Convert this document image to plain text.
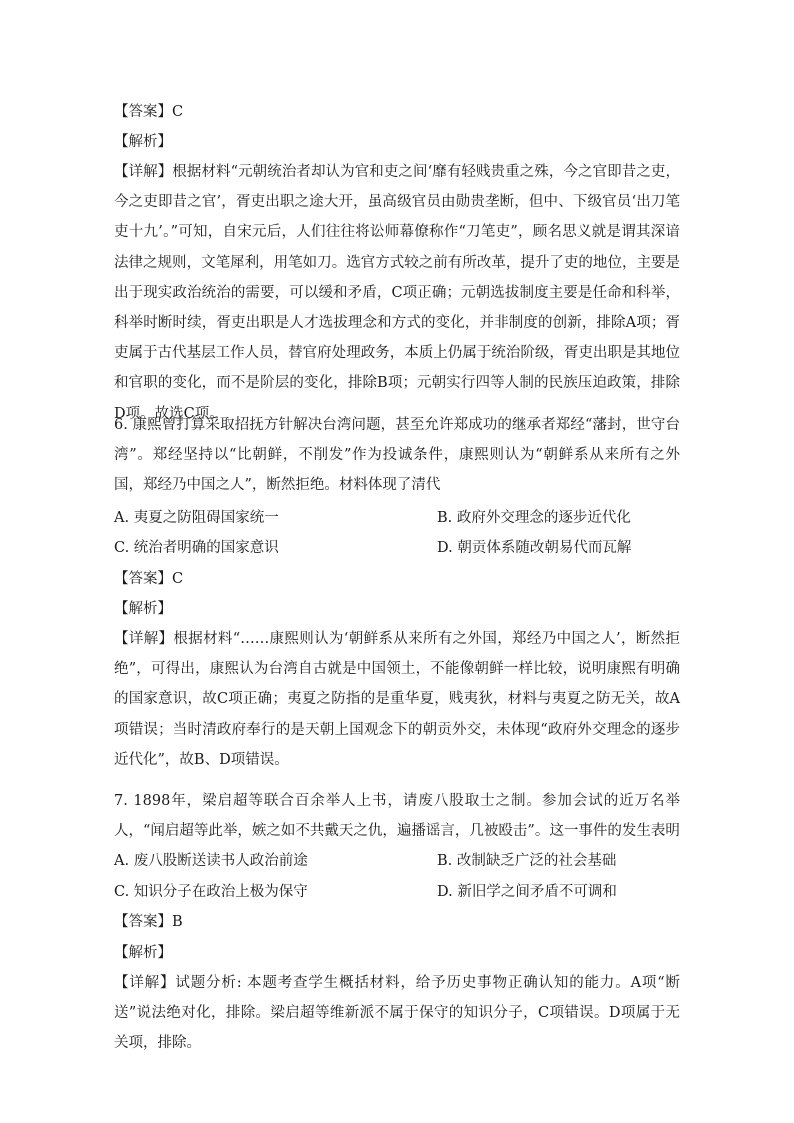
【答案】C
【解析】
【详解】根据材料“元朝统治者却认为官和吏之间‘靡有轻贱贵重之殊，今之官即昔之吏，今之吏即昔之官’，胥吏出职之途大开，虽高级官员由勋贵垄断，但中、下级官员‘出刀笔吏十九’。”可知，自宋元后，人们往往将讼师幕僚称作“刀笔吏”，顾名思义就是谓其深谙法律之规则，文笔犀利，用笔如刀。选官方式较之前有所改革，提升了吏的地位，主要是出于现实政治统治的需要，可以缓和矛盾，C项正确；元朝选拔制度主要是任命和科举，科举时断时续，胥吏出职是人才选拔理念和方式的变化，并非制度的创新，排除A项；胥吏属于古代基层工作人员，替官府处理政务，本质上仍属于统治阶级，胥吏出职是其地位和官职的变化，而不是阶层的变化，排除B项；元朝实行四等人制的民族压迫政策，排除D项。故选C项。
6. 康熙曾打算采取招抚方针解决台湾问题，甚至允许郑成功的继承者郑经“藩封，世守台湾”。郑经坚持以“比朝鲜，不削发”作为投诚条件，康熙则认为“朝鲜系从来所有之外国，郑经乃中国之人”，断然拒绝。材料体现了清代
A. 夷夏之防阻碍国家统一	B. 政府外交理念的逐步近代化
C. 统治者明确的国家意识	D. 朝贡体系随改朝易代而瓦解
【答案】C
【解析】
【详解】根据材料“……康熙则认为‘朝鲜系从来所有之外国，郑经乃中国之人’，断然拒绝”，可得出，康熙认为台湾自古就是中国领土，不能像朝鲜一样比较，说明康熙有明确的国家意识，故C项正确；夷夏之防指的是重华夏，贱夷狄，材料与夷夏之防无关，故A项错误；当时清政府奉行的是天朝上国观念下的朝贡外交，未体现“政府外交理念的逐步近代化”，故B、D项错误。
7. 1898年，梁启超等联合百余举人上书，请废八股取士之制。参加会试的近万名举人，“闻启超等此举，嫉之如不共戴天之仇，遍播谣言，几被殴击”。这一事件的发生表明
A. 废八股断送读书人政治前途	B. 改制缺乏广泛的社会基础
C. 知识分子在政治上极为保守	D. 新旧学之间矛盾不可调和
【答案】B
【解析】
【详解】试题分析: 本题考查学生概括材料，给予历史事物正确认知的能力。A项“断送”说法绝对化，排除。梁启超等维新派不属于保守的知识分子，C项错误。D项属于无关项，排除。
